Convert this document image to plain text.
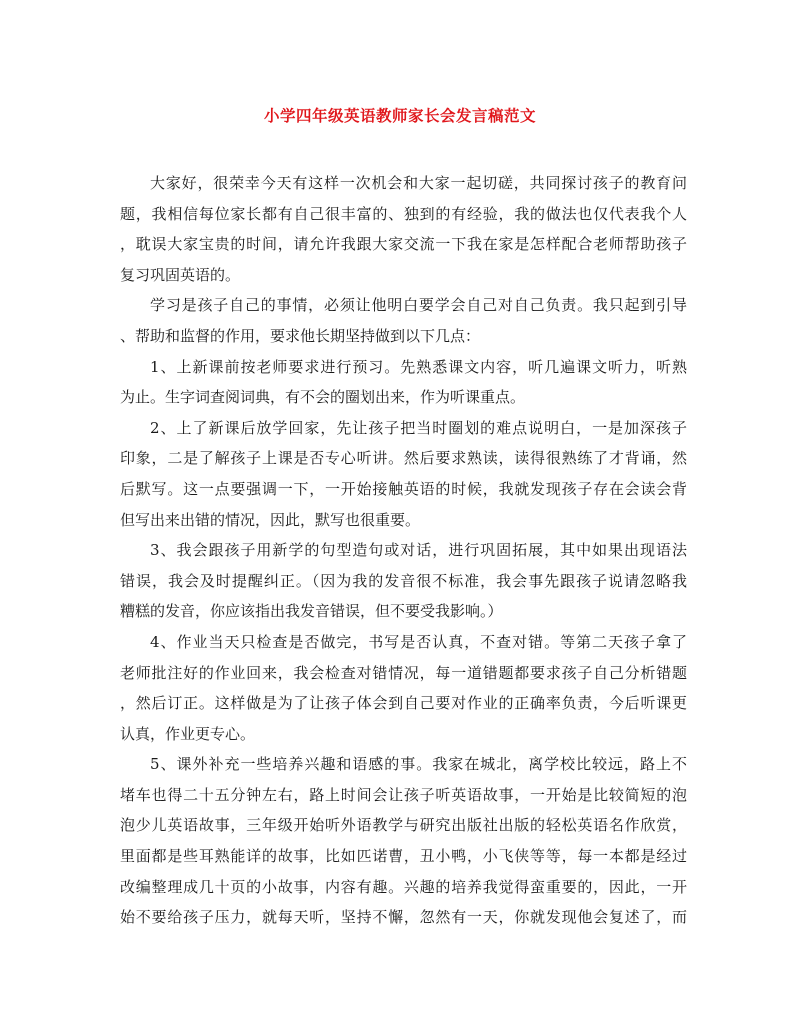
小学四年级英语教师家长会发言稿范文
大家好，很荣幸今天有这样一次机会和大家一起切磋，共同探讨孩子的教育问
题，我相信每位家长都有自己很丰富的、独到的有经验，我的做法也仅代表我个人
，耽误大家宝贵的时间，请允许我跟大家交流一下我在家是怎样配合老师帮助孩子
复习巩固英语的。
学习是孩子自己的事情，必须让他明白要学会自己对自己负责。我只起到引导
、帮助和监督的作用，要求他长期坚持做到以下几点：
1、上新课前按老师要求进行预习。先熟悉课文内容，听几遍课文听力，听熟
为止。生字词查阅词典，有不会的圈划出来，作为听课重点。
2、上了新课后放学回家，先让孩子把当时圈划的难点说明白，一是加深孩子
印象，二是了解孩子上课是否专心听讲。然后要求熟读，读得很熟练了才背诵，然
后默写。这一点要强调一下，一开始接触英语的时候，我就发现孩子存在会读会背
但写出来出错的情况，因此，默写也很重要。
3、我会跟孩子用新学的句型造句或对话，进行巩固拓展，其中如果出现语法
错误，我会及时提醒纠正。（因为我的发音很不标准，我会事先跟孩子说请忽略我
糟糕的发音，你应该指出我发音错误，但不要受我影响。）
4、作业当天只检查是否做完，书写是否认真，不查对错。等第二天孩子拿了
老师批注好的作业回来，我会检查对错情况，每一道错题都要求孩子自己分析错题
，然后订正。这样做是为了让孩子体会到自己要对作业的正确率负责，今后听课更
认真，作业更专心。
5、课外补充一些培养兴趣和语感的事。我家在城北，离学校比较远，路上不
堵车也得二十五分钟左右，路上时间会让孩子听英语故事，一开始是比较简短的泡
泡少儿英语故事，三年级开始听外语教学与研究出版社出版的轻松英语名作欣赏，
里面都是些耳熟能详的故事，比如匹诺曹，丑小鸭，小飞侠等等，每一本都是经过
改编整理成几十页的小故事，内容有趣。兴趣的培养我觉得蛮重要的，因此，一开
始不要给孩子压力，就每天听，坚持不懈，忽然有一天，你就发现他会复述了，而
